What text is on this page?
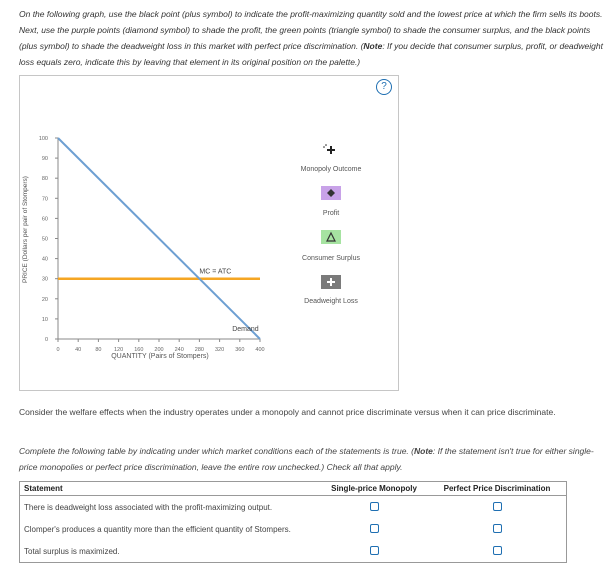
On the following graph, use the black point (plus symbol) to indicate the profit-maximizing quantity sold and the lowest price at which the firm sells its boots. Next, use the purple points (diamond symbol) to shade the profit, the green points (triangle symbol) to shade the consumer surplus, and the black points (plus symbol) to shade the deadweight loss in this market with perfect price discrimination. (Note: If you decide that consumer surplus, profit, or deadweight loss equals zero, indicate this by leaving that element in its original position on the palette.)
?
100
90
80
70
60
50
40
30
20
10
0
0	40	80 120 160 200 240 280 320 360 400
MC = ATC
Demand
PRICE (Dollars per pair of Stompers)
QUANTITY (Pairs of Stompers)
Monopoly Outcome
Profit
Consumer Surplus
Deadweight Loss
Consider the welfare effects when the industry operates under a monopoly and cannot price discriminate versus when it can price discriminate.
Complete the following table by indicating under which market conditions each of the statements is true. (Note: If the statement isn't true for either single-price monopolies or perfect price discrimination, leave the entire row unchecked.) Check all that apply.
Statement	Single-price Monopoly	Perfect Price Discrimination
There is deadweight loss associated with the profit-maximizing output.		
Clomper's produces a quantity more than the efficient quantity of Stompers.		
Total surplus is maximized.		
